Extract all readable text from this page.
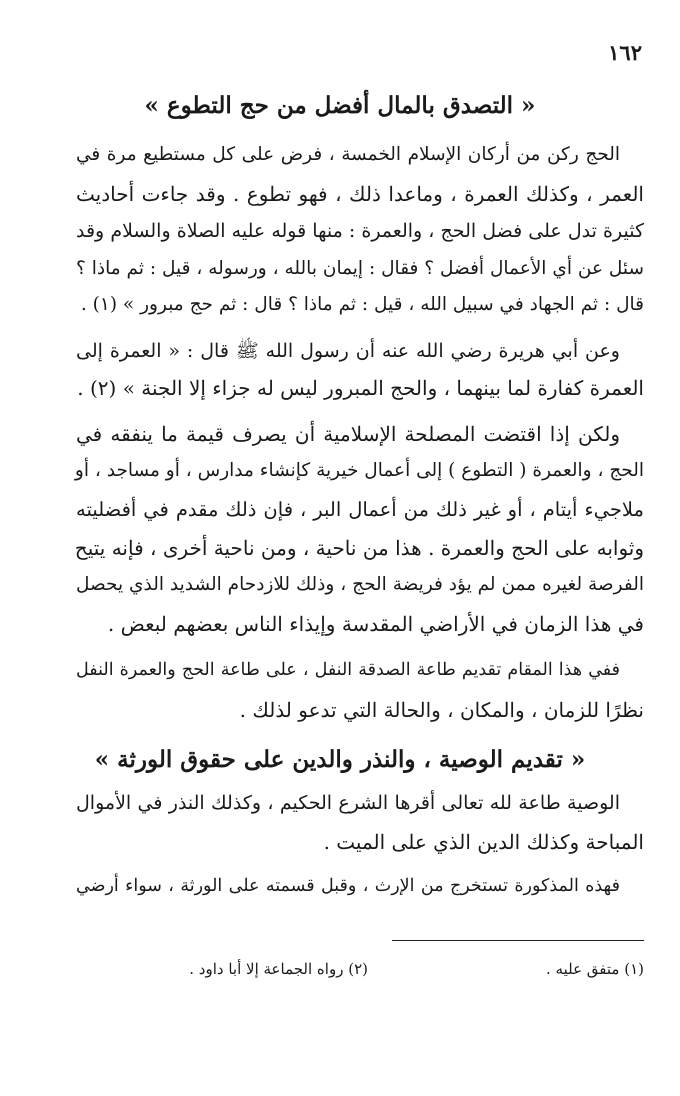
١٦٢
« التصدق بالمال أفضل من حج التطوع »
الحج ركن من أركان الإسلام الخمسة ، فرض على كل مستطيع مرة في
العمر ، وكذلك العمرة ، وماعدا ذلك ، فهو تطوع . وقد جاءت أحاديث
كثيرة تدل على فضل الحج ، والعمرة : منها قوله عليه الصلاة والسلام وقد
سئل عن أي الأعمال أفضل ؟ فقال : إيمان بالله ، ورسوله ، قيل : ثم ماذا ؟
قال : ثم الجهاد في سبيل الله ، قيل : ثم ماذا ؟ قال : ثم حج مبرور » (١) .
وعن أبي هريرة رضي الله عنه أن رسول الله ﷺ قال : « العمرة إلى
العمرة كفارة لما بينهما ، والحج المبرور ليس له جزاء إلا الجنة » (٢) .
ولكن إذا اقتضت المصلحة الإسلامية أن يصرف قيمة ما ينفقه في
الحج ، والعمرة ( التطوع ) إلى أعمال خيرية كإنشاء مدارس ، أو مساجد ، أو
ملاجيء أيتام ، أو غير ذلك من أعمال البر ، فإن ذلك مقدم في أفضليته
وثوابه على الحج والعمرة . هذا من ناحية ، ومن ناحية أخرى ، فإنه يتيح
الفرصة لغيره ممن لم يؤد فريضة الحج ، وذلك للازدحام الشديد الذي يحصل
في هذا الزمان في الأراضي المقدسة وإيذاء الناس بعضهم لبعض .
ففي هذا المقام تقديم طاعة الصدقة النفل ، على طاعة الحج والعمرة النفل
نظرًا للزمان ، والمكان ، والحالة التي تدعو لذلك .
« تقديم الوصية ، والنذر والدين على حقوق الورثة »
الوصية طاعة لله تعالى أقرها الشرع الحكيم ، وكذلك النذر في الأموال
المباحة وكذلك الدين الذي على الميت .
فهذه المذكورة تستخرج من الإرث ، وقبل قسمته على الورثة ، سواء أرضي
(١) متفق عليه .
(٢) رواه الجماعة إلا أبا داود .
